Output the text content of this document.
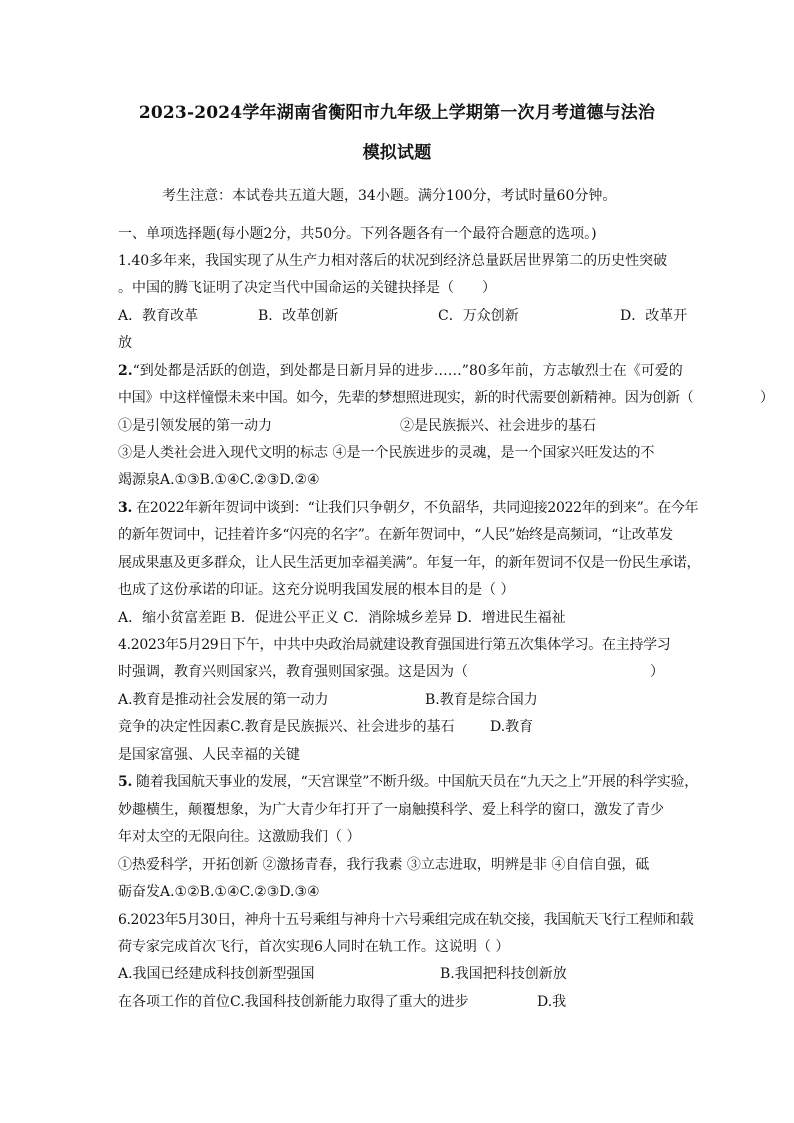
2023-2024学年湖南省衡阳市九年级上学期第一次月考道德与法治
模拟试题
考生注意：本试卷共五道大题，34小题。满分100分，考试时量60分钟。
一、单项选择题(每小题2分，共50分。下列各题各有一个最符合题意的选项。)
1.40多年来，我国实现了从生产力相对落后的状况到经济总量跃居世界第二的历史性突破
。中国的腾飞证明了决定当代中国命运的关键抉择是（　　）
A．教育改革	B．改革创新	C．万众创新	D．改革开
放
2.“到处都是活跃的创造，到处都是日新月异的进步……”80多年前，方志敏烈士在《可爱的
中国》中这样憧憬未来中国。如今，先辈的梦想照进现实，新的时代需要创新精神。因为创新（	）
①是引领发展的第一动力	②是民族振兴、社会进步的基石
③是人类社会进入现代文明的标志 ④是一个民族进步的灵魂，是一个国家兴旺发达的不
竭源泉A.①③B.①④C.②③D.②④
3. 在2022年新年贺词中谈到：“让我们只争朝夕，不负韶华，共同迎接2022年的到来”。在今年
的新年贺词中，记挂着许多“闪亮的名字”。在新年贺词中，“人民”始终是高频词，“让改革发
展成果惠及更多群众，让人民生活更加幸福美满”。年复一年，的新年贺词不仅是一份民生承诺，
也成了这份承诺的印证。这充分说明我国发展的根本目的是（ ）
A．缩小贫富差距 B．促进公平正义 C．消除城乡差异 D．增进民生福祉
4.2023年5月29日下午，中共中央政治局就建设教育强国进行第五次集体学习。在主持学习
时强调，教育兴则国家兴，教育强则国家强。这是因为（	）
A.教育是推动社会发展的第一动力	B.教育是综合国力
竞争的决定性因素C.教育是民族振兴、社会进步的基石	D.教育
是国家富强、人民幸福的关键
5. 随着我国航天事业的发展，“天宫课堂”不断升级。中国航天员在“九天之上”开展的科学实验，
妙趣横生，颠覆想象，为广大青少年打开了一扇触摸科学、爱上科学的窗口，激发了青少
年对太空的无限向往。这激励我们（ ）
①热爱科学，开拓创新 ②激扬青春，我行我素 ③立志进取，明辨是非 ④自信自强，砥
砺奋发A.①②B.①④C.②③D.③④
6.2023年5月30日，神舟十五号乘组与神舟十六号乘组完成在轨交接，我国航天飞行工程师和载
荷专家完成首次飞行，首次实现6人同时在轨工作。这说明（ ）
A.我国已经建成科技创新型强国	B.我国把科技创新放
在各项工作的首位C.我国科技创新能力取得了重大的进步	D.我
